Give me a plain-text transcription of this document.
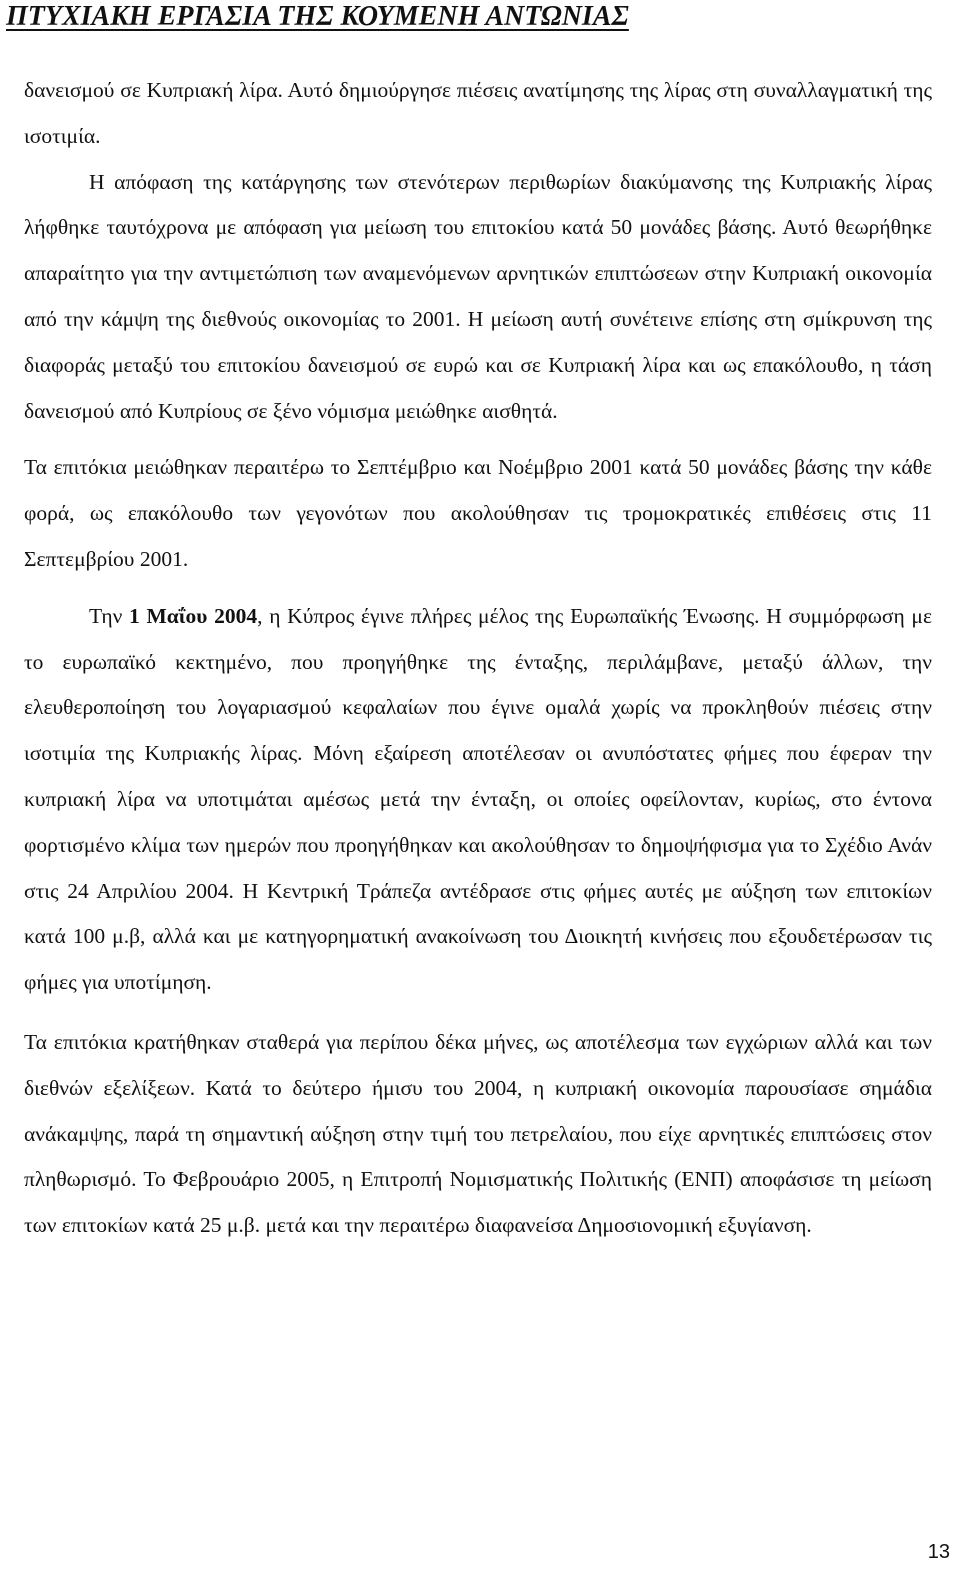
ΠΤΥΧΙΑΚΗ ΕΡΓΑΣΙΑ ΤΗΣ ΚΟΥΜΕΝΗ ΑΝΤΩΝΙΑΣ

δανεισμού σε Κυπριακή λίρα. Αυτό δημιούργησε πιέσεις ανατίμησης της λίρας στη συναλλαγματική της ισοτιμία.

Η απόφαση της κατάργησης των στενότερων περιθωρίων διακύμανσης της Κυπριακής λίρας λήφθηκε ταυτόχρονα με απόφαση για μείωση του επιτοκίου κατά 50 μονάδες βάσης. Αυτό θεωρήθηκε απαραίτητο για την αντιμετώπιση των αναμενόμενων αρνητικών επιπτώσεων στην Κυπριακή οικονομία από την κάμψη της διεθνούς οικονομίας το 2001. Η μείωση αυτή συνέτεινε επίσης στη σμίκρυνση της διαφοράς μεταξύ του επιτοκίου δανεισμού σε ευρώ και σε Κυπριακή λίρα και ως επακόλουθο, η τάση δανεισμού από Κυπρίους σε ξένο νόμισμα μειώθηκε αισθητά.

Τα επιτόκια μειώθηκαν περαιτέρω το Σεπτέμβριο και Νοέμβριο 2001 κατά 50 μονάδες βάσης την κάθε φορά, ως επακόλουθο των γεγονότων που ακολούθησαν τις τρομοκρατικές επιθέσεις στις 11 Σεπτεμβρίου 2001.

Την 1 Μαΐου 2004, η Κύπρος έγινε πλήρες μέλος της Ευρωπαϊκής Ένωσης. Η συμμόρφωση με το ευρωπαϊκό κεκτημένο, που προηγήθηκε της ένταξης, περιλάμβανε, μεταξύ άλλων, την ελευθεροποίηση του λογαριασμού κεφαλαίων που έγινε ομαλά χωρίς να προκληθούν πιέσεις στην ισοτιμία της Κυπριακής λίρας. Μόνη εξαίρεση αποτέλεσαν οι ανυπόστατες φήμες που έφεραν την κυπριακή λίρα να υποτιμάται αμέσως μετά την ένταξη, οι οποίες οφείλονταν, κυρίως, στο έντονα φορτισμένο κλίμα των ημερών που προηγήθηκαν και ακολούθησαν το δημοψήφισμα για το Σχέδιο Ανάν στις 24 Απριλίου 2004. Η Κεντρική Τράπεζα αντέδρασε στις φήμες αυτές με αύξηση των επιτοκίων κατά 100 μ.β, αλλά και με κατηγορηματική ανακοίνωση του Διοικητή κινήσεις που εξουδετέρωσαν τις φήμες για υποτίμηση.

Τα επιτόκια κρατήθηκαν σταθερά για περίπου δέκα μήνες, ως αποτέλεσμα των εγχώριων αλλά και των διεθνών εξελίξεων. Κατά το δεύτερο ήμισυ του 2004, η κυπριακή οικονομία παρουσίασε σημάδια ανάκαμψης, παρά τη σημαντική αύξηση στην τιμή του πετρελαίου, που είχε αρνητικές επιπτώσεις στον πληθωρισμό. Το Φεβρουάριο 2005, η Επιτροπή Νομισματικής Πολιτικής (ΕΝΠ) αποφάσισε τη μείωση των επιτοκίων κατά 25 μ.β. μετά και την περαιτέρω διαφανείσα Δημοσιονομική εξυγίανση.

13
